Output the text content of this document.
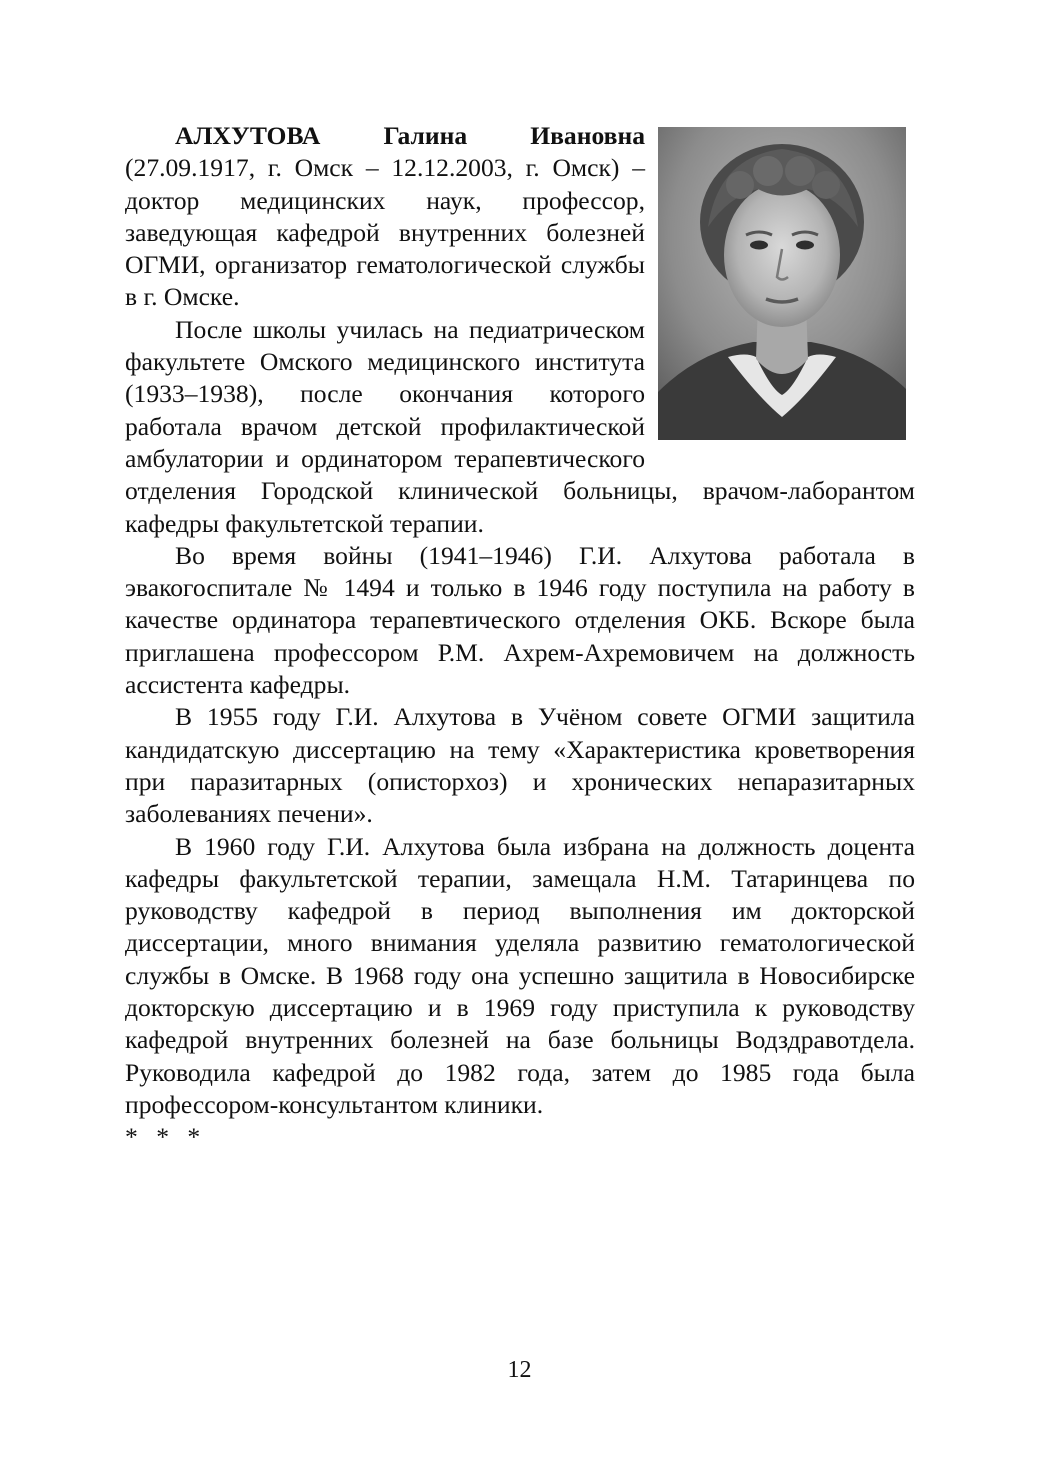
АЛХУТОВА Галина Ивановна (27.09.1917, г. Омск – 12.12.2003, г. Омск) – доктор медицинских наук, профессор, заведующая кафедрой внутренних болезней ОГМИ, организатор гематологической службы в г. Омске.

После школы училась на педиатрическом факультете Омского медицинского института (1933–1938), после окончания которого работала врачом детской профилактической амбулатории и ординатором терапевтического отделения Городской клинической больницы, врачом-лаборантом кафедры факультетской терапии.

Во время войны (1941–1946) Г.И. Алхутова работала в эвакогоспитале № 1494 и только в 1946 году поступила на работу в качестве ординатора терапевтического отделения ОКБ. Вскоре была приглашена профессором Р.М. Ахрем-Ахремовичем на должность ассистента кафедры.

В 1955 году Г.И. Алхутова в Учёном совете ОГМИ защитила кандидатскую диссертацию на тему «Характеристика кроветворения при паразитарных (описторхоз) и хронических непаразитарных заболеваниях печени».

В 1960 году Г.И. Алхутова была избрана на должность доцента кафедры факультетской терапии, замещала Н.М. Татаринцева по руководству кафедрой в период выполнения им докторской диссертации, много внимания уделяла развитию гематологической службы в Омске. В 1968 году она успешно защитила в Новосибирске докторскую диссертацию и в 1969 году приступила к руководству кафедрой внутренних болезней на базе больницы Водздравотдела. Руководила кафедрой до 1982 года, затем до 1985 года была профессором-консультантом клиники.

* * *

12
